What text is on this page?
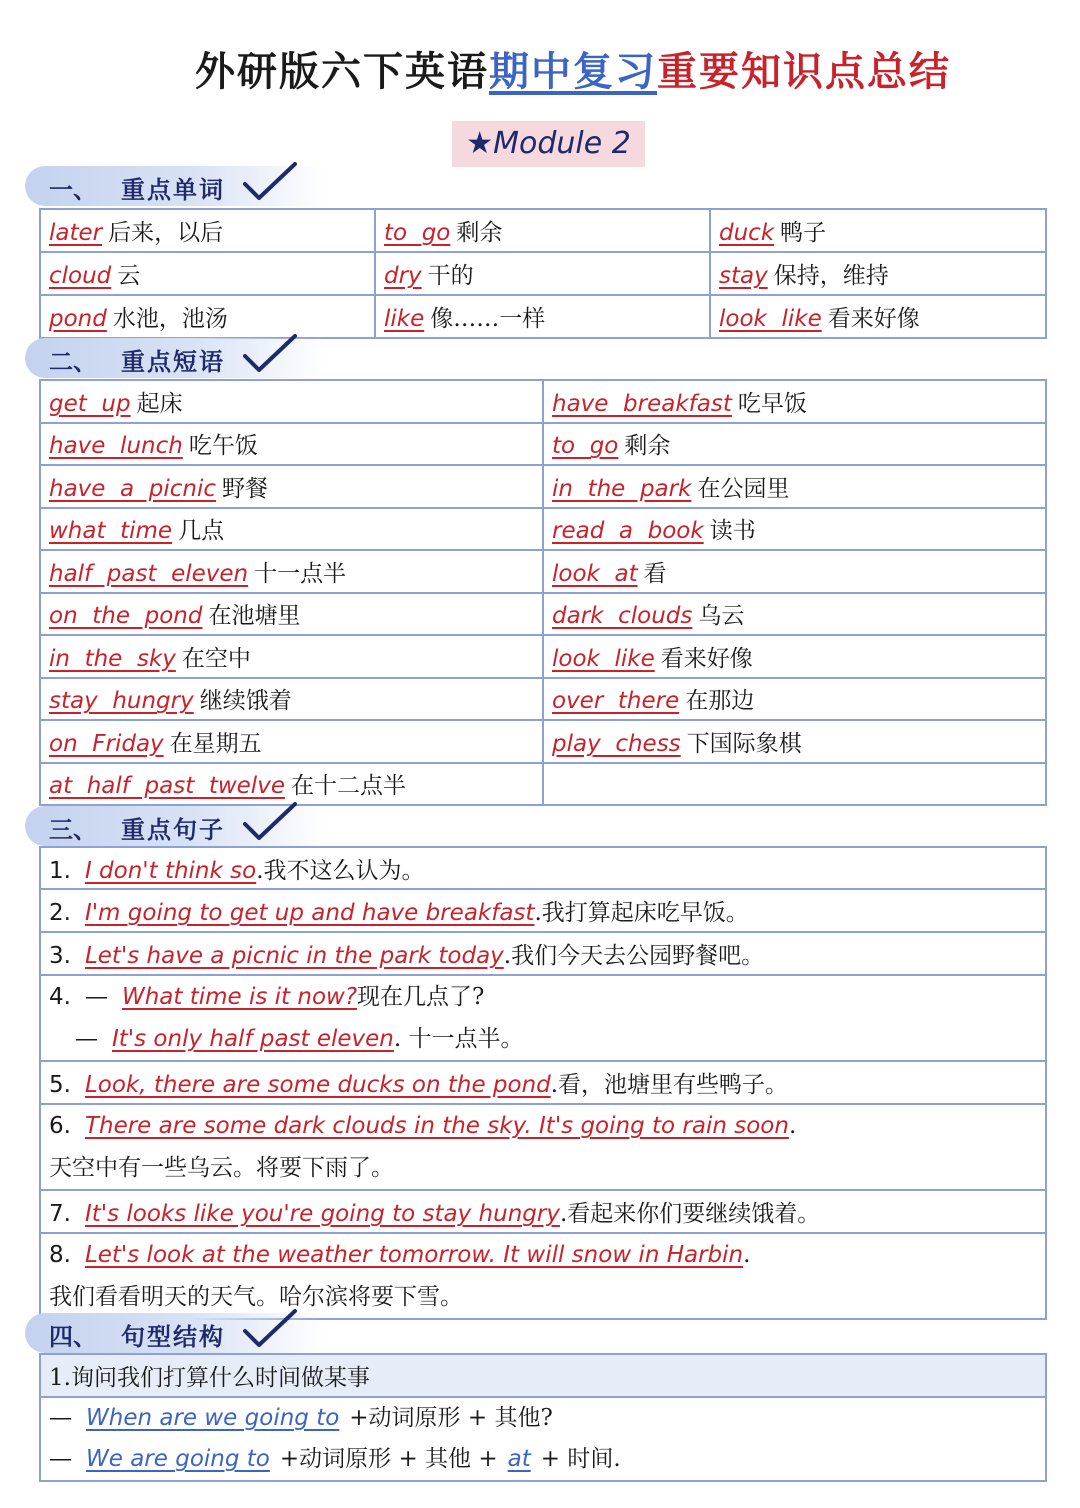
外研版六下英语期中复习重要知识点总结
★Module 2
一、 重点单词
later 后来，以后	to  go 剩余	duck 鸭子
cloud 云	dry 干的	stay 保持，维持
pond 水池，池汤	like 像……一样	look  like 看来好像
二、 重点短语
get  up 起床	have  breakfast 吃早饭
have  lunch 吃午饭	to  go 剩余
have  a  picnic 野餐	in  the  park 在公园里
what  time 几点	read  a  book 读书
half  past  eleven 十一点半	look  at 看
on  the  pond 在池塘里	dark  clouds 乌云
in  the  sky 在空中	look  like 看来好像
stay  hungry 继续饿着	over  there 在那边
on  Friday 在星期五	play  chess 下国际象棋
at  half  past  twelve 在十二点半	
三、 重点句子
1. I don't think so.我不这么认为。
2. I'm going to get up and have breakfast.我打算起床吃早饭。
3. Let's have a picnic in the park today.我们今天去公园野餐吧。

4. — What time is it now?现在几点了?
— It's only half past eleven. 十一点半。

5. Look, there are some ducks on the pond.看，池塘里有些鸭子。

6. There are some dark clouds in the sky. It's going to rain soon.
天空中有一些乌云。将要下雨了。

7. It's looks like you're going to stay hungry.看起来你们要继续饿着。

8. Let's look at the weather tomorrow. It will snow in Harbin.
我们看看明天的天气。哈尔滨将要下雪。
四、 句型结构
1.询问我们打算什么时间做某事

— When are we going to +动词原形 + 其他?
— We are going to +动词原形 + 其他 + at + 时间.
